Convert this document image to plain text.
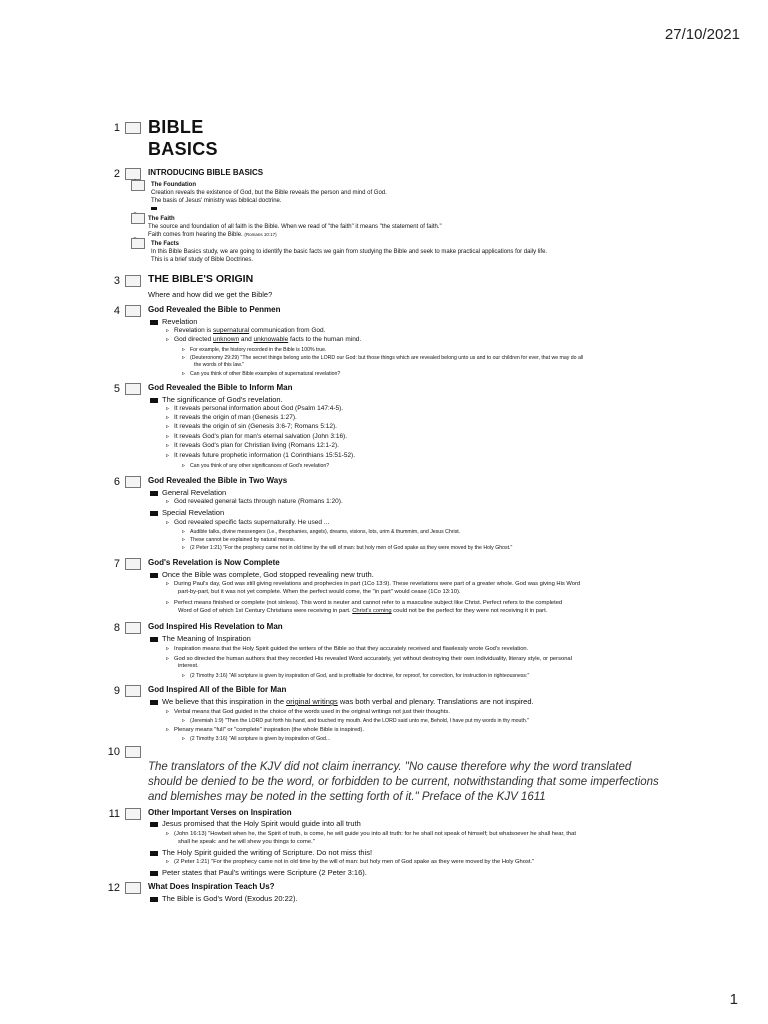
27/10/2021
1
2
3
4
5
6
7
8
9
10
11
12
BIBLE
BASICS
INTRODUCING BIBLE BASICS
The Foundation
Creation reveals the existence of God, but the Bible reveals the person and mind of God.
The basis of Jesus' ministry was biblical doctrine.
The Faith
The source and foundation of all faith is the Bible. When we read of "the faith" it means "the statement of faith."
Faith comes from hearing the Bible. (Romans 10:17)
The Facts
In this Bible Basics study, we are going to identify the basic facts we gain from studying the Bible and seek to make practical applications for daily life.
This is a brief study of Bible Doctrines.
THE BIBLE'S ORIGIN
Where and how did we get the Bible?
God Revealed the Bible to Penmen
Revelation
▹ Revelation is supernatural communication from God.
▹ God directed unknown and unknowable facts to the human mind.
▹ For example, the history recorded in the Bible is 100% true.
▹ (Deuteronomy 29:29) "The secret things belong unto the LORD our God: but those things which are revealed belong unto us and to our children for ever, that we may do all
the words of this law."
▹ Can you think of other Bible examples of supernatural revelation?
God Revealed the Bible to Inform Man
The significance of God's revelation.
▹ It reveals personal information about God (Psalm 147:4-5).
▹ It reveals the origin of man (Genesis 1:27).
▹ It reveals the origin of sin (Genesis 3:6-7; Romans 5:12).
▹ It reveals God's plan for man's eternal salvation (John 3:16).
▹ It reveals God's plan for Christian living (Romans 12:1-2).
▹ It reveals future prophetic information (1 Corinthians 15:51-52).
▹ Can you think of any other significances of God's revelation?
God Revealed the Bible in Two Ways
General Revelation
▹ God revealed general facts through nature (Romans 1:20).
Special Revelation
▹ God revealed specific facts supernaturally. He used ...
▹ Audible talks, divine messengers (i.e., theophanies, angels), dreams, visions, lots, urim & thummim, and Jesus Christ.
▹ These cannot be explained by natural means.
▹ (2 Peter 1:21) "For the prophecy came not in old time by the will of man: but holy men of God spake as they were moved by the Holy Ghost."
God's Revelation is Now Complete
Once the Bible was complete, God stopped revealing new truth.
▹ During Paul's day, God was still giving revelations and prophecies in part (1Co 13:9). These revelations were part of a greater whole. God was giving His Word
part-by-part, but it was not yet complete. When the perfect would come, the "in part" would cease (1Co 13:10).
▹ Perfect means finished or complete (not sinless). This word is neuter and cannot refer to a masculine subject like Christ. Perfect refers to the completed
Word of God of which 1st Century Christians were receiving in part. Christ's coming could not be the perfect for they were not receiving it in part.
God Inspired His Revelation to Man
The Meaning of Inspiration
▹ Inspiration means that the Holy Spirit guided the writers of the Bible so that they accurately received and flawlessly wrote God's revelation.
▹ God so directed the human authors that they recorded His revealed Word accurately, yet without destroying their own individuality, literary style, or personal
interest.
▹ (2 Timothy 3:16) "All scripture is given by inspiration of God, and is profitable for doctrine, for reproof, for correction, for instruction in righteousness:"
God Inspired All of the Bible for Man
We believe that this inspiration in the original writings was both verbal and plenary. Translations are not inspired.
▹ Verbal means that God guided in the choice of the words used in the original writings not just their thoughts.
▹ (Jeremiah 1:9) "Then the LORD put forth his hand, and touched my mouth. And the LORD said unto me, Behold, I have put my words in thy mouth."
▹ Plenary means "full" or "complete" inspiration (the whole Bible is inspired).
▹ (2 Timothy 3:16) "All scripture is given by inspiration of God...
The translators of the KJV did not claim inerrancy. "No cause therefore why the word translated should be denied to be the word, or forbidden to be current, notwithstanding that some imperfections and blemishes may be noted in the setting forth of it." Preface of the KJV 1611
Other Important Verses on Inspiration
Jesus promised that the Holy Spirit would guide into all truth
▹ (John 16:13) "Howbeit when he, the Spirit of truth, is come, he will guide you into all truth: for he shall not speak of himself; but whatsoever he shall hear, that
shall he speak: and he will shew you things to come."
The Holy Spirit guided the writing of Scripture. Do not miss this!
▹ (2 Peter 1:21) "For the prophecy came not in old time by the will of man: but holy men of God spake as they were moved by the Holy Ghost."
Peter states that Paul's writings were Scripture (2 Peter 3:16).
What Does Inspiration Teach Us?
The Bible is God's Word (Exodus 20:22).
1
